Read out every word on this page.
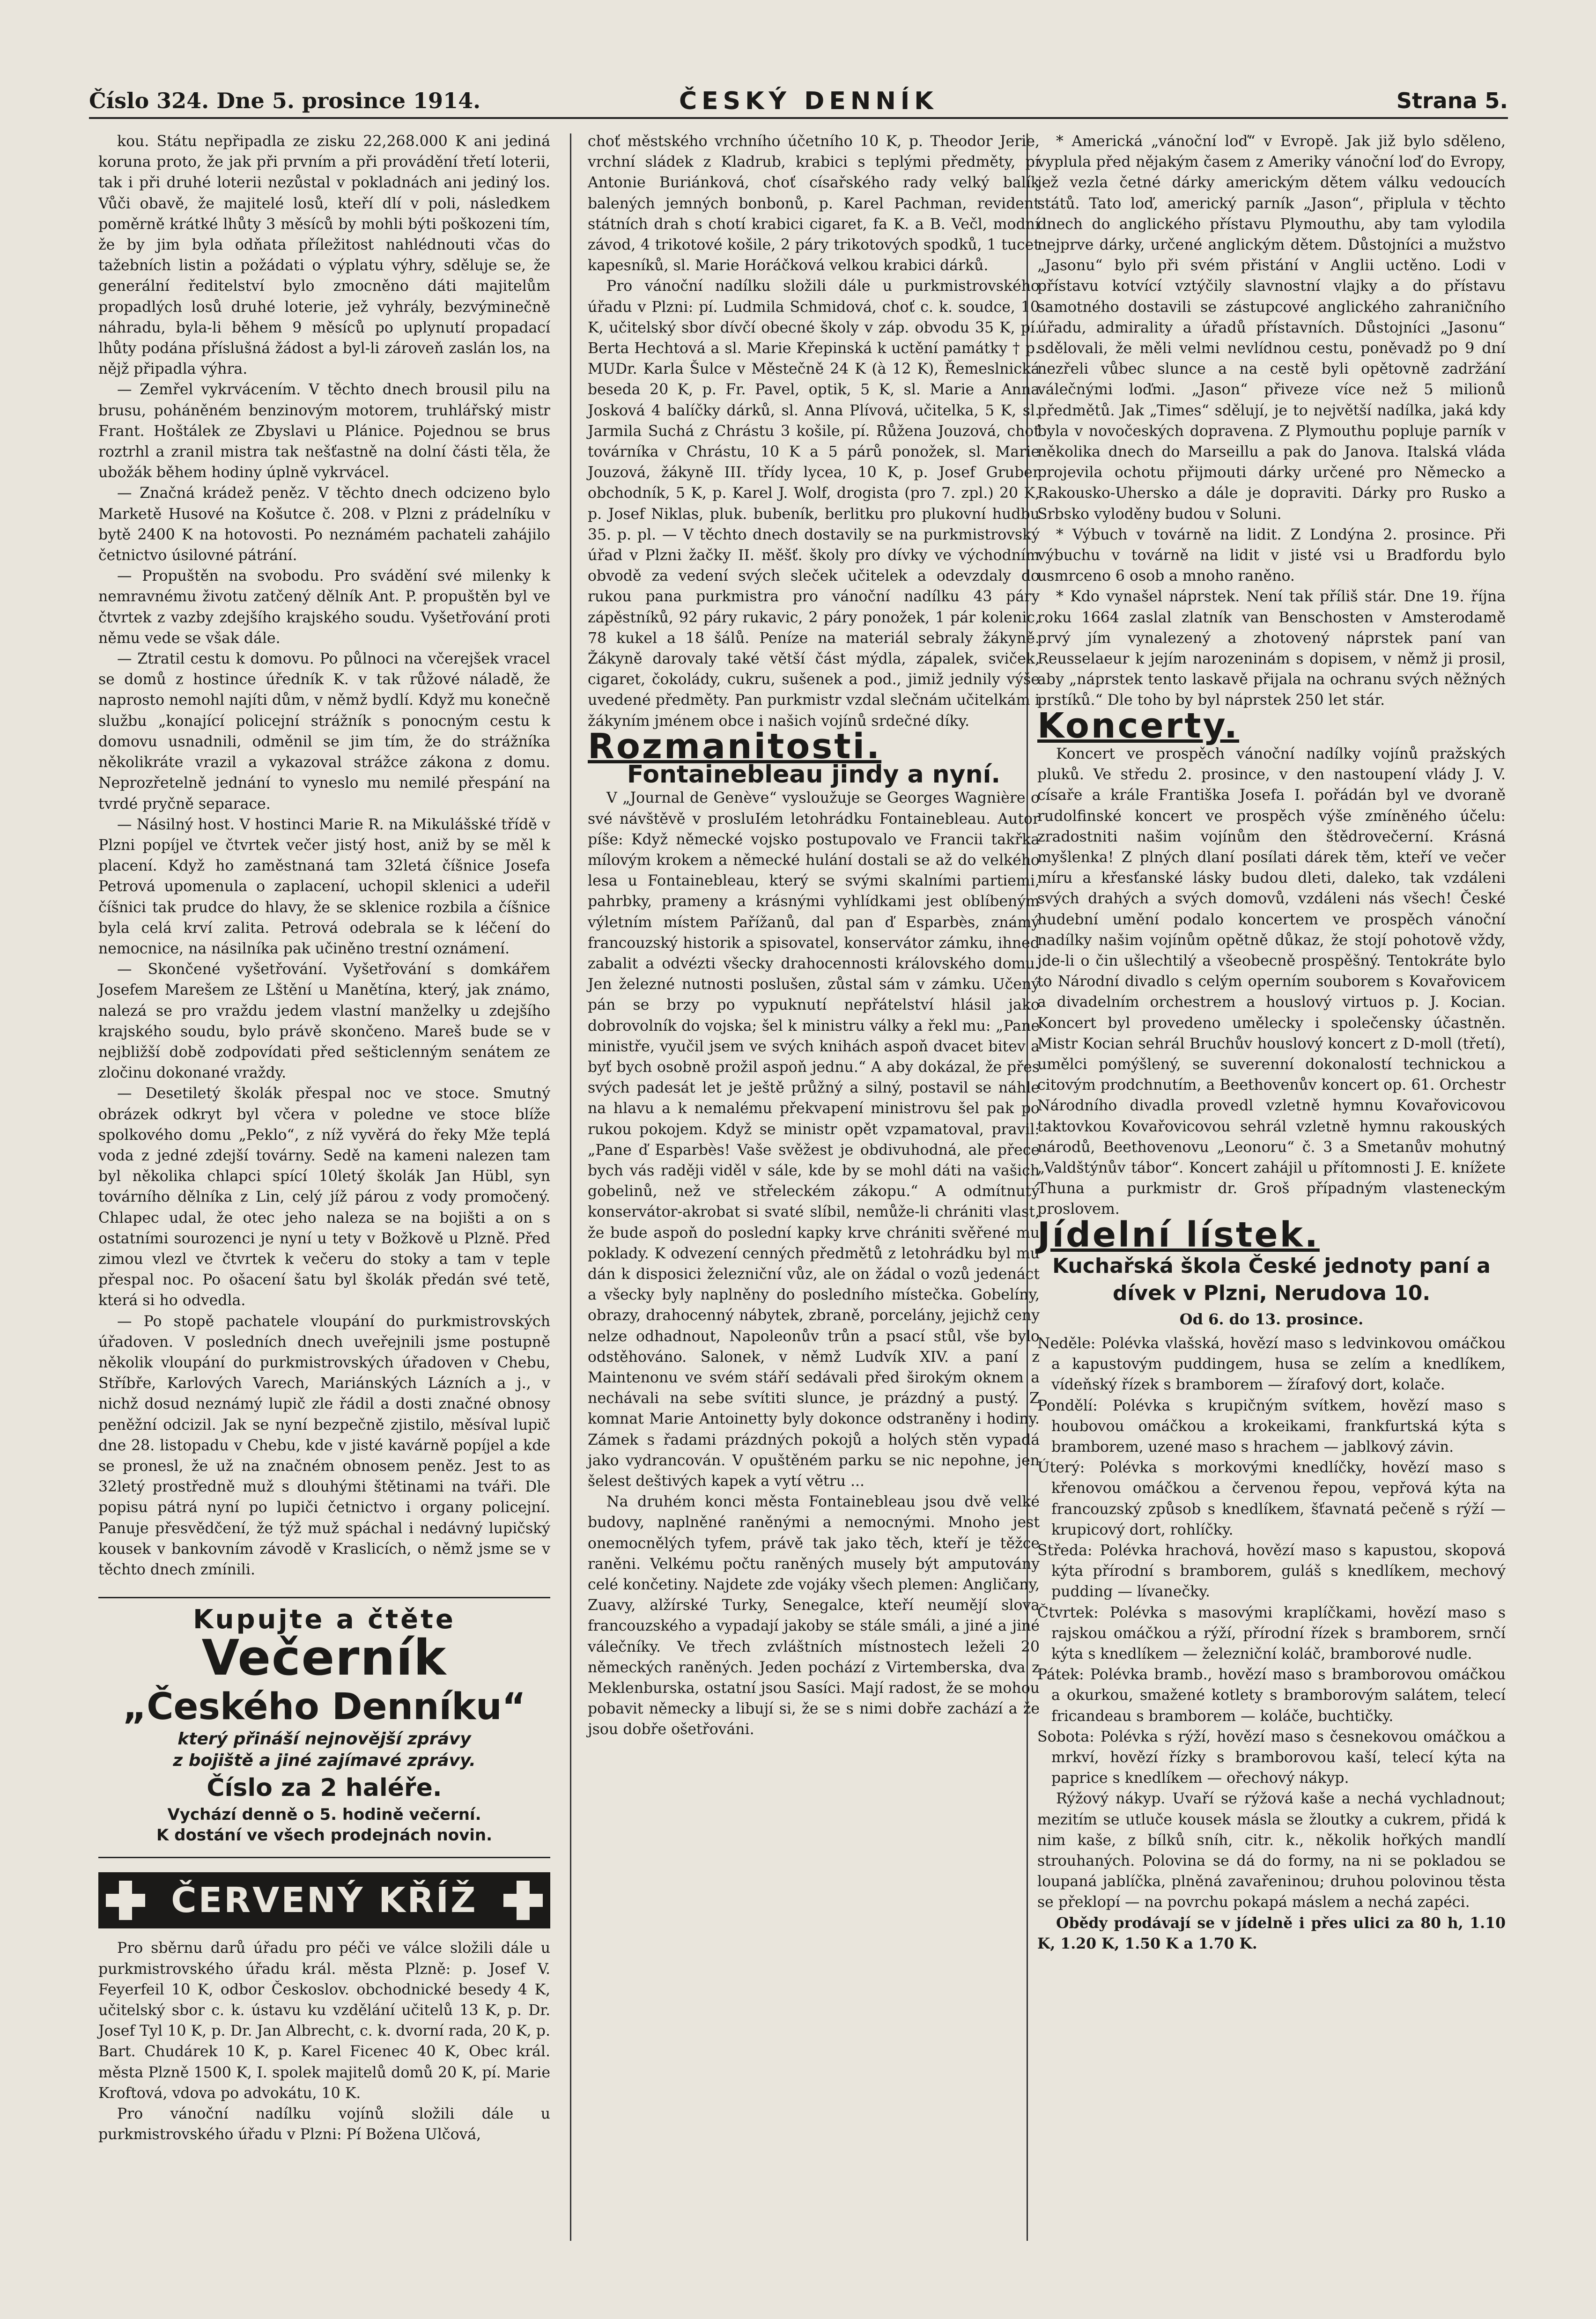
Číslo 324. Dne 5. prosince 1914.	ČESKÝ DENNÍK	Strana 5.

kou. Státu nepřipadla ze zisku 22,268.000 K ani jediná koruna proto, že jak při prvním a při provádění třetí loterii, tak i při druhé loterii nezůstal v pokladnách ani jediný los. Vůči obavě, že majitelé losů, kteří dlí v poli, následkem poměrně krátké lhůty 3 měsíců by mohli býti poškozeni tím, že by jim byla odňata příležitost nahlédnouti včas do tažebních listin a požádati o výplatu výhry, sděluje se, že generální ředitelství bylo zmocněno dáti majitelům propadlých losů druhé loterie, jež vyhrály, bezvýminečně náhradu, byla-li během 9 měsíců po uplynutí propadací lhůty podána příslušná žádost a byl-li zároveň zaslán los, na nějž připadla výhra.

— Zemřel vykrvácením. V těchto dnech brousil pilu na brusu, poháněném benzinovým motorem, truhlářský mistr Frant. Hoštálek ze Zbyslavi u Plánice. Pojednou se brus roztrhl a zranil mistra tak nešťastně na dolní části těla, že ubožák během hodiny úplně vykrvácel.

— Značná krádež peněz. V těchto dnech odcizeno bylo Marketě Husové na Košutce č. 208. v Plzni z prádelníku v bytě 2400 K na hotovosti. Po neznámém pachateli zahájilo četnictvo úsilovné pátrání.

— Propuštěn na svobodu. Pro svádění své milenky k nemravnému životu zatčený dělník Ant. P. propuštěn byl ve čtvrtek z vazby zdejšího krajského soudu. Vyšetřování proti němu vede se však dále.

— Ztratil cestu k domovu. Po půlnoci na včerejšek vracel se domů z hostince úředník K. v tak růžové náladě, že naprosto nemohl najíti dům, v němž bydlí. Když mu konečně službu „konající policejní strážník s ponocným cestu k domovu usnadnili, odměnil se jim tím, že do strážníka několikráte vrazil a vykazoval strážce zákona z domu. Neprozřetelně jednání to vyneslo mu nemilé přespání na tvrdé pryčně separace.

— Násilný host. V hostinci Marie R. na Mikulášské třídě v Plzni popíjel ve čtvrtek večer jistý host, aniž by se měl k placení. Když ho zaměstnaná tam 32letá číšnice Josefa Petrová upomenula o zaplacení, uchopil sklenici a udeřil číšnici tak prudce do hlavy, že se sklenice rozbila a číšnice byla celá krví zalita. Petrová odebrala se k léčení do nemocnice, na násilníka pak učiněno trestní oznámení.

— Skončené vyšetřování. Vyšetřování s domkářem Josefem Marešem ze Lštění u Manětína, který, jak známo, nalezá se pro vraždu jedem vlastní manželky u zdejšího krajského soudu, bylo právě skončeno. Mareš bude se v nejbližší době zodpovídati před sešticlenným senátem ze zločinu dokonané vraždy.

— Desetiletý školák přespal noc ve stoce. Smutný obrázek odkryt byl včera v poledne ve stoce blíže spolkového domu „Peklo“, z níž vyvěrá do řeky Mže teplá voda z jedné zdejší továrny. Sedě na kameni nalezen tam byl několika chlapci spící 10letý školák Jan Hübl, syn továrního dělníka z Lin, celý jíž párou z vody promočený. Chlapec udal, že otec jeho naleza se na bojišti a on s ostatními sourozenci je nyní u tety v Božkově u Plzně. Před zimou vlezl ve čtvrtek k večeru do stoky a tam v teple přespal noc. Po ošacení šatu byl školák předán své tetě, která si ho odvedla.

— Po stopě pachatele vloupání do purkmistrovských úřadoven. V posledních dnech uveřejnili jsme postupně několik vloupání do purkmistrovských úřadoven v Chebu, Stříbře, Karlových Varech, Mariánských Lázních a j., v nichž dosud neznámý lupič zle řádil a dosti značné obnosy peněžní odcizil. Jak se nyní bezpečně zjistilo, měsíval lupič dne 28. listopadu v Chebu, kde v jisté kavárně popíjel a kde se pronesl, že už na značném obnosem peněz. Jest to as 32letý prostředně muž s dlouhými štětinami na tváři. Dle popisu pátrá nyní po lupiči četnictvo i organy policejní. Panuje přesvědčení, že týž muž spáchal i nedávný lupičský kousek v bankovním závodě v Kraslicích, o němž jsme se v těchto dnech zmínili.

Kupujte a čtěte
Večerník
„Českého Denníku“
který přináší nejnovější zprávy
z bojiště a jiné zajímavé zprávy.
Číslo za 2 haléře.
Vychází denně o 5. hodině večerní.
K dostání ve všech prodejnách novin.
ČERVENÝ KŘÍŽ

Pro sběrnu darů úřadu pro péči ve válce složili dále u purkmistrovského úřadu král. města Plzně: p. Josef V. Feyerfeil 10 K, odbor Českoslov. obchodnické besedy 4 K, učitelský sbor c. k. ústavu ku vzdělání učitelů 13 K, p. Dr. Josef Tyl 10 K, p. Dr. Jan Albrecht, c. k. dvorní rada, 20 K, p. Bart. Chudárek 10 K, p. Karel Ficenec 40 K, Obec král. města Plzně 1500 K, I. spolek majitelů domů 20 K, pí. Marie Kroftová, vdova po advokátu, 10 K.

Pro vánoční nadílku vojínů složili dále u purkmistrovského úřadu v Plzni: Pí Božena Ulčová,

choť městského vrchního účetního 10 K, p. Theodor Jerie, vrchní sládek z Kladrub, krabici s teplými předměty, pí Antonie Buriánková, choť císařského rady velký balík balených jemných bonbonů, p. Karel Pachman, revident státních drah s chotí krabici cigaret, fa K. a B. Večl, modní závod, 4 trikotové košile, 2 páry trikotových spodků, 1 tucet kapesníků, sl. Marie Horáčková velkou krabici dárků.

Pro vánoční nadílku složili dále u purkmistrovského úřadu v Plzni: pí. Ludmila Schmidová, choť c. k. soudce, 10 K, učitelský sbor dívčí obecné školy v záp. obvodu 35 K, pí. Berta Hechtová a sl. Marie Křepinská k uctění památky † p. MUDr. Karla Šulce v Městečně 24 K (à 12 K), Řemeslnická beseda 20 K, p. Fr. Pavel, optik, 5 K, sl. Marie a Anna Josková 4 balíčky dárků, sl. Anna Plívová, učitelka, 5 K, sl. Jarmila Suchá z Chrástu 3 košile, pí. Růžena Jouzová, choť továrníka v Chrástu, 10 K a 5 párů ponožek, sl. Marie Jouzová, žákyně III. třídy lycea, 10 K, p. Josef Gruber obchodník, 5 K, p. Karel J. Wolf, drogista (pro 7. zpl.) 20 K, p. Josef Niklas, pluk. bubeník, berlitku pro plukovní hudbu 35. p. pl. — V těchto dnech dostavily se na purkmistrovský úřad v Plzni žačky II. měšť. školy pro dívky ve východním obvodě za vedení svých sleček učitelek a odevzdaly do rukou pana purkmistra pro vánoční nadílku 43 páry zápěstníků, 92 páry rukavic, 2 páry ponožek, 1 pár kolenic, 78 kukel a 18 šálů. Peníze na materiál sebraly žákyně. Žákyně darovaly také větší část mýdla, zápalek, sviček, cigaret, čokolády, cukru, sušenek a pod., jimiž jednily výše uvedené předměty. Pan purkmistr vzdal slečnám učitelkám i žákyním jménem obce i našich vojínů srdečné díky.

Rozmanitosti.
Fontainebleau jindy a nyní.

V „Journal de Genève“ vysloužuje se Georges Wagnière o své návštěvě v prosluIém letohrádku Fontainebleau. Autor píše: Když německé vojsko postupovalo ve Francii takřka mílovým krokem a německé hulání dostali se až do velkého lesa u Fontainebleau, který se svými skalními partiemi, pahrbky, prameny a krásnými vyhlídkami jest oblíbeným výletním místem Pařížanů, dal pan ď Esparbès, známý francouzský historik a spisovatel, konservátor zámku, ihned zabalit a odvézti všecky drahocennosti královského domu. Jen železné nutnosti poslušen, zůstal sám v zámku. Učený pán se brzy po vypuknutí nepřátelství hlásil jako dobrovolník do vojska; šel k ministru války a řekl mu: „Pane ministře, vyučil jsem ve svých knihách aspoň dvacet bitev a byť bych osobně prožil aspoň jednu.“ A aby dokázal, že přes svých padesát let je ještě průžný a silný, postavil se náhle na hlavu a k nemalému překvapení ministrovu šel pak po rukou pokojem. Když se ministr opět vzpamatoval, pravil: „Pane ď Esparbès! Vaše svěžest je obdivuhodná, ale přece bych vás raději viděl v sále, kde by se mohl dáti na vašich gobelinů, než ve střeleckém zákopu.“ A odmítnutý konservátor-akrobat si svaté slíbil, nemůže-li chrániti vlast, že bude aspoň do poslední kapky krve chrániti svěřené mu poklady. K odvezení cenných předmětů z letohrádku byl mu dán k disposici železniční vůz, ale on žádal o vozů jedenáct a všecky byly naplněny do posledního místečka. Gobelíny, obrazy, drahocenný nábytek, zbraně, porcelány, jejichž ceny nelze odhadnout, Napoleonův trůn a psací stůl, vše bylo odstěhováno. Salonek, v němž Ludvík XIV. a paní z Maintenonu ve svém stáří sedávali před širokým oknem a nechávali na sebe svítiti slunce, je prázdný a pustý. Z komnat Marie Antoinetty byly dokonce odstraněny i hodiny. Zámek s řadami prázdných pokojů a holých stěn vypadá jako vydrancován. V opuštěném parku se nic nepohne, jen šelest deštivých kapek a vytí větru ...

Na druhém konci města Fontainebleau jsou dvě velké budovy, naplněné raněnými a nemocnými. Mnoho jest onemocnělých tyfem, právě tak jako těch, kteří je těžce raněni. Velkému počtu raněných musely být amputovány celé končetiny. Najdete zde vojáky všech plemen: Angličany, Zuavy, alžírské Turky, Senegalce, kteří neumějí slova francouzského a vypadají jakoby se stále smáli, a jiné a jiné válečníky. Ve třech zvláštních místnostech leželi 20 německých raněných. Jeden pochází z Virtemberska, dva z Meklenburska, ostatní jsou Sasíci. Mají radost, že se mohou pobavit německy a libují si, že se s nimi dobře zachází a že jsou dobře ošetřováni.

* Americká „vánoční loď“ v Evropě. Jak již bylo sděleno, vyplula před nějakým časem z Ameriky vánoční loď do Evropy, jež vezla četné dárky americkým dětem válku vedoucích států. Tato loď, americký parník „Jason“, připlula v těchto dnech do anglického přístavu Plymouthu, aby tam vylodila nejprve dárky, určené anglickým dětem. Důstojníci a mužstvo „Jasonu“ bylo při svém přistání v Anglii uctěno. Lodi v přístavu kotvící vztýčily slavnostní vlajky a do přístavu samotného dostavili se zástupcové anglického zahraničního úřadu, admirality a úřadů přístavních. Důstojníci „Jasonu“ sdělovali, že měli velmi nevlídnou cestu, poněvadž po 9 dní nezřeli vůbec slunce a na cestě byli opětovně zadržání válečnými loďmi. „Jason“ přiveze více než 5 milionů předmětů. Jak „Times“ sdělují, je to největší nadílka, jaká kdy byla v novočeských dopravena. Z Plymouthu popluje parník v několika dnech do Marseillu a pak do Janova. Italská vláda projevila ochotu přijmouti dárky určené pro Německo a Rakousko-Uhersko a dále je dopraviti. Dárky pro Rusko a Srbsko vyloděny budou v Soluni.

* Výbuch v továrně na lidit. Z Londýna 2. prosince. Při výbuchu v továrně na lidit v jisté vsi u Bradfordu bylo usmrceno 6 osob a mnoho raněno.

* Kdo vynašel náprstek. Není tak příliš stár. Dne 19. října roku 1664 zaslal zlatník van Benschosten v Amsterodamě prvý jím vynalezený a zhotovený náprstek paní van Reusselaeur k jejím narozeninám s dopisem, v němž ji prosil, aby „náprstek tento laskavě přijala na ochranu svých něžných prstíků.“ Dle toho by byl náprstek 250 let stár.

Koncerty.

Koncert ve prospěch vánoční nadílky vojínů pražských pluků. Ve středu 2. prosince, v den nastoupení vlády J. V. císaře a krále Františka Josefa I. pořádán byl ve dvoraně rudolfinské koncert ve prospěch výše zmíněného účelu: zradostniti našim vojínům den štědrovečerní. Krásná myšlenka! Z plných dlaní posílati dárek těm, kteří ve večer míru a křesťanské lásky budou dleti, daleko, tak vzdáleni svých drahých a svých domovů, vzdáleni nás všech! České hudební umění podalo koncertem ve prospěch vánoční nadílky našim vojínům opětně důkaz, že stojí pohotově vždy, jde-li o čin ušlechtilý a všeobecně prospěšný. Tentokráte bylo to Národní divadlo s celým operním souborem s Kovařovicem a divadelním orchestrem a houslový virtuos p. J. Kocian. Koncert byl provedeno umělecky i společensky účastněn. Mistr Kocian sehrál Bruchův houslový koncert z D-moll (třetí), umělci pomýšlený, se suverenní dokonalostí technickou a citovým prodchnutím, a Beethovenův koncert op. 61. Orchestr Národního divadla provedl vzletně hymnu Kovařovicovou taktovkou Kovařovicovou sehrál vzletně hymnu rakouských národů, Beethovenovu „Leonoru“ č. 3 a Smetanův mohutný „Valdštýnův tábor“. Koncert zahájil u přítomnosti J. E. knížete Thuna a purkmistr dr. Groš případným vlasteneckým proslovem.

Jídelní lístek.
Kuchařská škola České jednoty paní a dívek v Plzni, Nerudova 10.
Od 6. do 13. prosince.

Neděle: Polévka vlašská, hovězí maso s ledvinkovou omáčkou a kapustovým puddingem, husa se zelím a knedlíkem, vídeňský řízek s bramborem — žírafový dort, kolače.

Pondělí: Polévka s krupičným svítkem, hovězí maso s houbovou omáčkou a krokeikami, frankfurtská kýta s bramborem, uzené maso s hrachem — jablkový závin.

Úterý: Polévka s morkovými knedlíčky, hovězí maso s křenovou omáčkou a červenou řepou, vepřová kýta na francouzský způsob s knedlíkem, šťavnatá pečeně s rýží — krupicový dort, rohlíčky.

Středa: Polévka hrachová, hovězí maso s kapustou, skopová kýta přírodní s bramborem, guláš s knedlíkem, mechový pudding — lívanečky.

Čtvrtek: Polévka s masovými kraplíčkami, hovězí maso s rajskou omáčkou a rýží, přírodní řízek s bramborem, srnčí kýta s knedlíkem — železniční koláč, bramborové nudle.

Pátek: Polévka bramb., hovězí maso s bramborovou omáčkou a okurkou, smažené kotlety s bramborovým salátem, telecí fricandeau s bramborem — koláče, buchtičky.

Sobota: Polévka s rýží, hovězí maso s česnekovou omáčkou a mrkví, hovězí řízky s bramborovou kaší, telecí kýta na paprice s knedlíkem — ořechový nákyp.

Rýžový nákyp. Uvaří se rýžová kaše a nechá vychladnout; mezitím se utluče kousek másla se žloutky a cukrem, přidá k nim kaše, z bílků sníh, citr. k., několik hořkých mandlí strouhaných. Polovina se dá do formy, na ni se pokladou se loupaná jablíčka, plněná zavařeninou; druhou polovinou těsta se překlopí — na povrchu pokapá máslem a nechá zapéci.

Obědy prodávají se v jídelně i přes ulici za 80 h, 1.10 K, 1.20 K, 1.50 K a 1.70 K.
